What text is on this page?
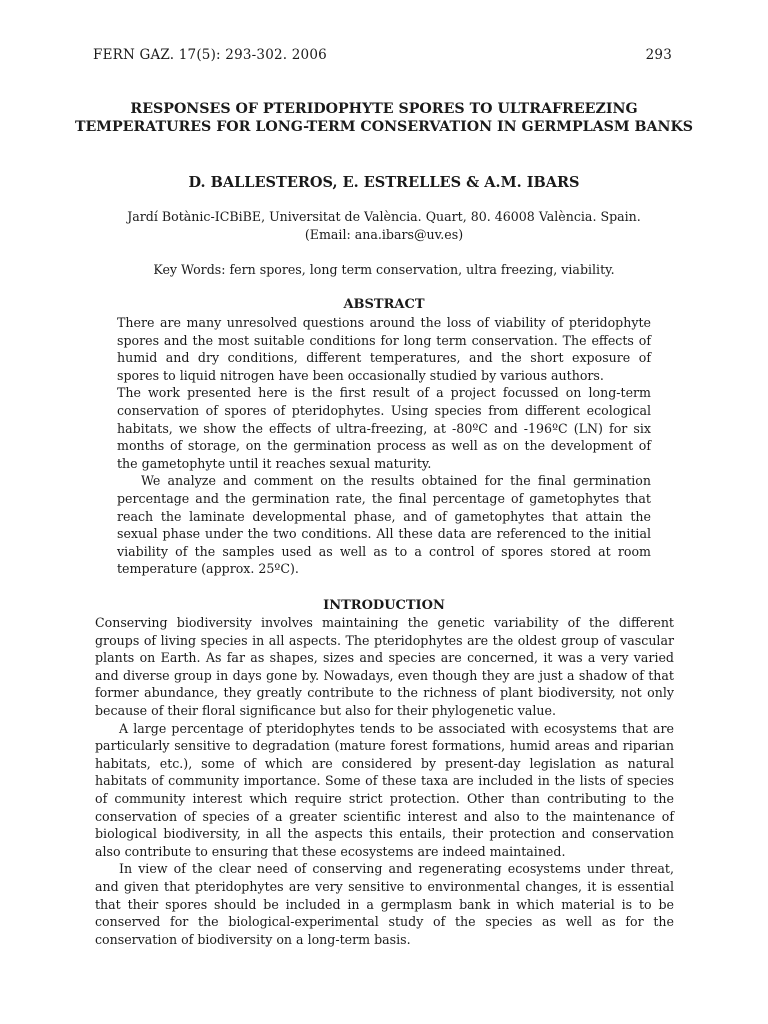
FERN GAZ. 17(5): 293-302. 2006	293
RESPONSES OF PTERIDOPHYTE SPORES TO ULTRAFREEZING TEMPERATURES FOR LONG-TERM CONSERVATION IN GERMPLASM BANKS
D. BALLESTEROS, E. ESTRELLES & A.M. IBARS
Jardí Botànic-ICBiBE, Universitat de València. Quart, 80. 46008 València. Spain.
(Email: ana.ibars@uv.es)
Key Words: fern spores, long term conservation, ultra freezing, viability.
ABSTRACT

There are many unresolved questions around the loss of viability of pteridophyte spores and the most suitable conditions for long term conservation. The effects of humid and dry conditions, different temperatures, and the short exposure of spores to liquid nitrogen have been occasionally studied by various authors.

The work presented here is the first result of a project focussed on long-term conservation of spores of pteridophytes. Using species from different ecological habitats, we show the effects of ultra-freezing, at -80ºC and -196ºC (LN) for six months of storage, on the germination process as well as on the development of the gametophyte until it reaches sexual maturity.

We analyze and comment on the results obtained for the final germination percentage and the germination rate, the final percentage of gametophytes that reach the laminate developmental phase, and of gametophytes that attain the sexual phase under the two conditions. All these data are referenced to the initial viability of the samples used as well as to a control of spores stored at room temperature (approx. 25ºC).

INTRODUCTION

Conserving biodiversity involves maintaining the genetic variability of the different groups of living species in all aspects. The pteridophytes are the oldest group of vascular plants on Earth. As far as shapes, sizes and species are concerned, it was a very varied and diverse group in days gone by. Nowadays, even though they are just a shadow of that former abundance, they greatly contribute to the richness of plant biodiversity, not only because of their floral significance but also for their phylogenetic value.

A large percentage of pteridophytes tends to be associated with ecosystems that are particularly sensitive to degradation (mature forest formations, humid areas and riparian habitats, etc.), some of which are considered by present-day legislation as natural habitats of community importance. Some of these taxa are included in the lists of species of community interest which require strict protection. Other than contributing to the conservation of species of a greater scientific interest and also to the maintenance of biological biodiversity, in all the aspects this entails, their protection and conservation also contribute to ensuring that these ecosystems are indeed maintained.

In view of the clear need of conserving and regenerating ecosystems under threat, and given that pteridophytes are very sensitive to environmental changes, it is essential that their spores should be included in a germplasm bank in which material is to be conserved for the biological-experimental study of the species as well as for the conservation of biodiversity on a long-term basis.
